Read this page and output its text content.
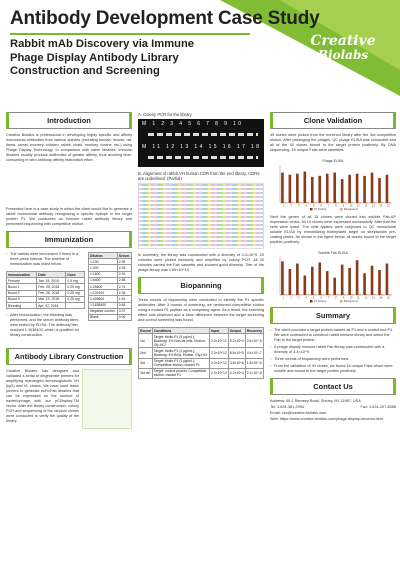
Antibody Development Case Study
Rabbit mAb Discovery via Immune Phage Display Antibody Library Construction and Screening
Creative
Biolabs
Introduction

Creative Biolabs is professional in developing highly specific and affinity monoclonal antibodies from various species (including human, mouse, rat, llama, camel, monkey, chicken, rabbit, shark, monkey, bovine, etc.) using Phage Display Technology. In comparison with naive libraries, immune libraries usually produce antibodies of greater affinity, thus avoiding time-consuming in vitro antibody affinity maturation effort.

Presented here is a case study in which the client would like to generate a rabbit monoclonal antibody recognizing a specific epitope in the target protein P1. We conducted an immune rabbit antibody library and performed biopanning with competitive elution.

Immunization
• The rabbits were immunized 3 times in a three-week interval. The timeline of immunization was listed below.
Immunization	Date	Dose
Primary	Jan. 15, 2018	0.5 mg
Boost 1	Feb. 05, 2018	0.25 mg
Boost 2	Feb. 26, 2018	0.25 mg
Boost 3	Mar. 19, 2018	0.25 mg
Bleeding	Apr. 02, 2018	
• After immunization, the bleeding was performed, and the serum antibody titers were tested by ELISA. The antibody titer reached 1:1638400, which is qualified for library construction.
Dilution	Serum
1:100	2.95
1:400	2.93
1:1600	2.91
1:6400	2.88
1:25600	2.74
1:102400	2.38
1:409600	1.61
1:1638400	0.84
Negative control	0.07
Blank	0.06
Antibody Library Construction

Creative Biolabs has designed and validated a serial of degenerate primers for amplifying rearranged immunoglobulin VH (IgG) and VL chains. We have used these primers to generate scFv/Fab libraries that can be expressed on the surface of bacteriophage with our pCDisplay-TM vector. After the library construction, colony PCR and sequencing of the random clones were conducted to verify the quality of the library.

A. Colony PCR for the library
M 1 2 3 4 5 6 7 8 9 10
M 11 12 13 14 15 16 17 18 19 20
B. Alignment of rabbit VH human CDR from the end library. CDRs are underlined. (Partial)

In summary, the library was constructed with a diversity of 3.4×10^9. 20 colonies were picked randomly and amplified by colony PCR. All 20 colonies carried the Fab cassette and showed good diversity. Titer of the phage library was 1.65×10^13.

Biopanning

Three rounds of biopanning were conducted to identify the P1 specific antibodies. After 3 rounds of screening, we performed competitive elution using a mutant P1 peptide as a competing agent. As a result, the enriching effect was observed and a clear difference between the target screening and control screening was found.

Round	Conditions	Input	Output	Recovery
1st	Target: biotin-P1 (5 μg/mL); Blocking: 3% Non-fat milk; Elution: Gly-HCl	2.0×10^12	5.2×10^4	2.6×10^-8
2nd	Target: biotin-P1 (2 μg/mL); Blocking: 3% BSA; Elution: Gly-HCl	2.0×10^12	8.8×10^5	4.4×10^-7
3rd	Target: biotin-P1 (1 μg/mL); Competitive elution: mutant P1	2.0×10^12	3.6×10^6	1.8×10^-6
3rd ctrl	Target: control protein; Competitive elution: mutant P1	2.0×10^12	4.2×10^4	2.1×10^-8
Clone Validation

40 clones were picked from the enriched library after the 3rd competitive elution. After packaging the phages, QC phage ELISA was conducted and all of the 40 clones bound to the target protein positively. By DNA sequencing, 15 unique Fabs were identified.

Phage ELISA
1 2 3 4 5 6 7 8 9 10 11 12 13 14 15
P1 binding	Background

Next the genes of all 15 clones were cloned into soluble Fab-AP expression vector. All 15 clones were expressed successfully. After that the cells were lysed. The cells lysates were subjected to QC monoclonal soluble ELISA by immobilizing biotinylated target on streptavidin pre-coating plates. As shown in the figure below, all clones bound to the target peptide positively.

Soluble Fab ELISA
1 2 3 4 5 6 7 8 9 10 11 12 13 14 15
P1 binding	Background
Summary
• The client provided a target protein named as P1 and a control mut P1. We were contracted to construct rabbit immune library and select the Fab to the target protein.
• A phage display immune rabbit Fab library was constructed with a diversity of 3.4×10^9.
• Three rounds of biopanning were performed.
• From the validation of 40 clones, we found 15 unique Fabs which were soluble and bound to the target protein positively.
Contact Us

Address: 45-1 Ramsey Road, Shirley, NY 11967, USA

Tel: 1-631-381-2994	Fax: 1-631-207-8356

Email: info@creative-biolabs.com

Web: https://www.creative-biolabs.com/phage-display-services.html
